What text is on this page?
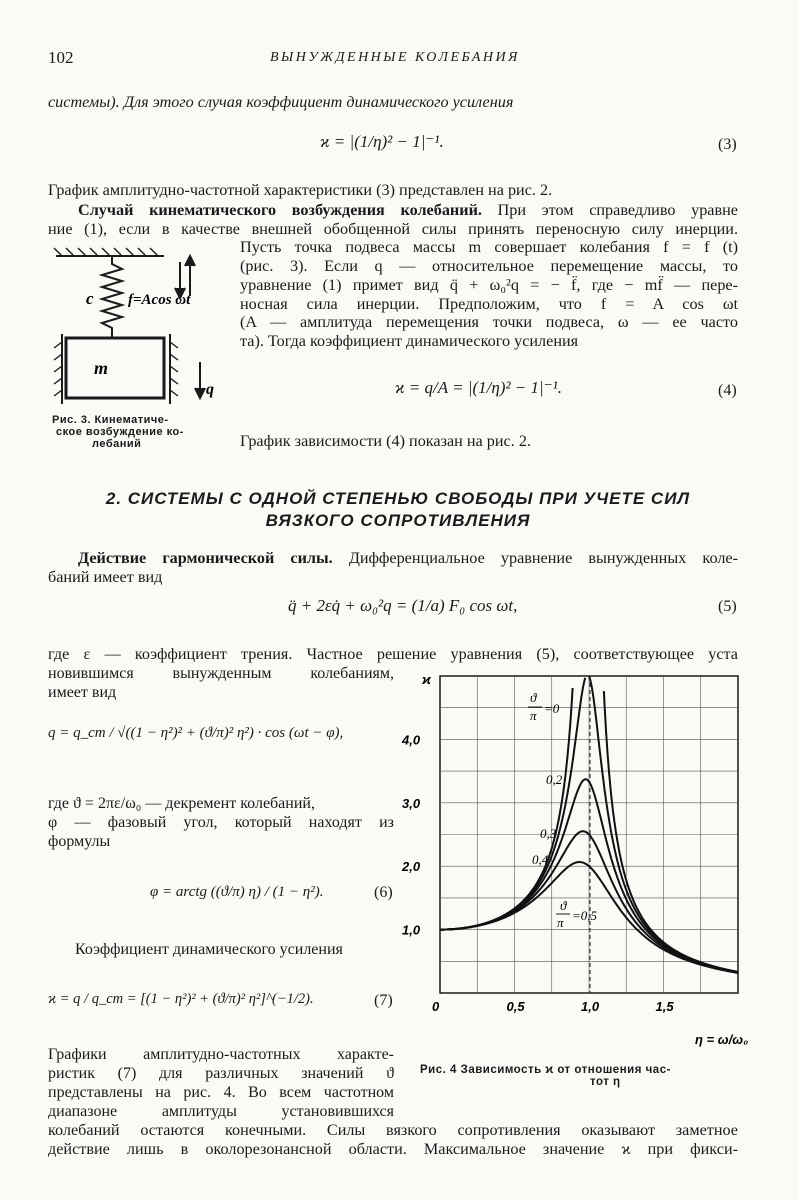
102	ВЫНУЖДЕННЫЕ КОЛЕБАНИЯ
системы). Для этого случая коэффициент динамического усиления
ϰ = |(1/η)² − 1|⁻¹.	(3)
График амплитудно-частотной характеристики (3) представлен на рис. 2.
Случай кинематического возбуждения колебаний. При этом справедливо уравне
ние (1), если в качестве внешней обобщенной силы принять переносную силу инерции.
Пусть точка подвеса массы m совершает колебания f = f (t)
(рис. 3). Если q — относительное перемещение массы, то
уравнение (1) примет вид q̈ + ω₀²q = − f̈, где − mf̈ — пере-
носная сила инерции. Предположим, что f = A cos ωt
(A — амплитуда перемещения точки подвеса, ω — ее часто
та). Тогда коэффициент динамического усиления
c f=Acos ωt
m
q
Рис. 3. Кинематиче-
ское возбуждение ко-
лебаний
ϰ = q/A = |(1/η)² − 1|⁻¹.	(4)
График зависимости (4) показан на рис. 2.
2. СИСТЕМЫ С ОДНОЙ СТЕПЕНЬЮ СВОБОДЫ ПРИ УЧЕТЕ СИЛ
ВЯЗКОГО СОПРОТИВЛЕНИЯ
Действие гармонической силы. Дифференциальное уравнение вынужденных коле-
баний имеет вид
q̈ + 2εq̇ + ω₀²q = (1/a) F₀ cos ωt,	(5)
где ε — коэффициент трения. Частное решение уравнения (5), соответствующее уста
новившимся вынужденным колебаниям,
имеет вид
q = q_ст / √((1 − η²)² + (ϑ/π)² η²) · cos (ωt − φ),
где ϑ = 2πε/ω₀ — декремент колебаний,
φ — фазовый угол, который находят из
формулы
φ = arctg ((ϑ/π) η) / (1 − η²).	(6)
Коэффициент динамического усиления
ϰ = q / q_ст = [(1 − η²)² + (ϑ/π)² η²]^(−1/2).	(7)
Графики амплитудно-частотных характе-
ристик (7) для различных значений ϑ
представлены на рис. 4. Во всем частотном
диапазоне амплитуды установившихся
колебаний остаются конечными. Силы вязкого сопротивления оказывают заметное
действие лишь в околорезонансной области. Максимальное значение ϰ при фикси-
0	0,5	1,0	1,5
1,0
2,0
3,0
4,0
ϰ
η = ω/ω₀
ϑ
π =0
0,2
0,3
0,4
ϑ
π =0,5
Рис. 4 Зависимость ϰ от отношения час-
тот η
